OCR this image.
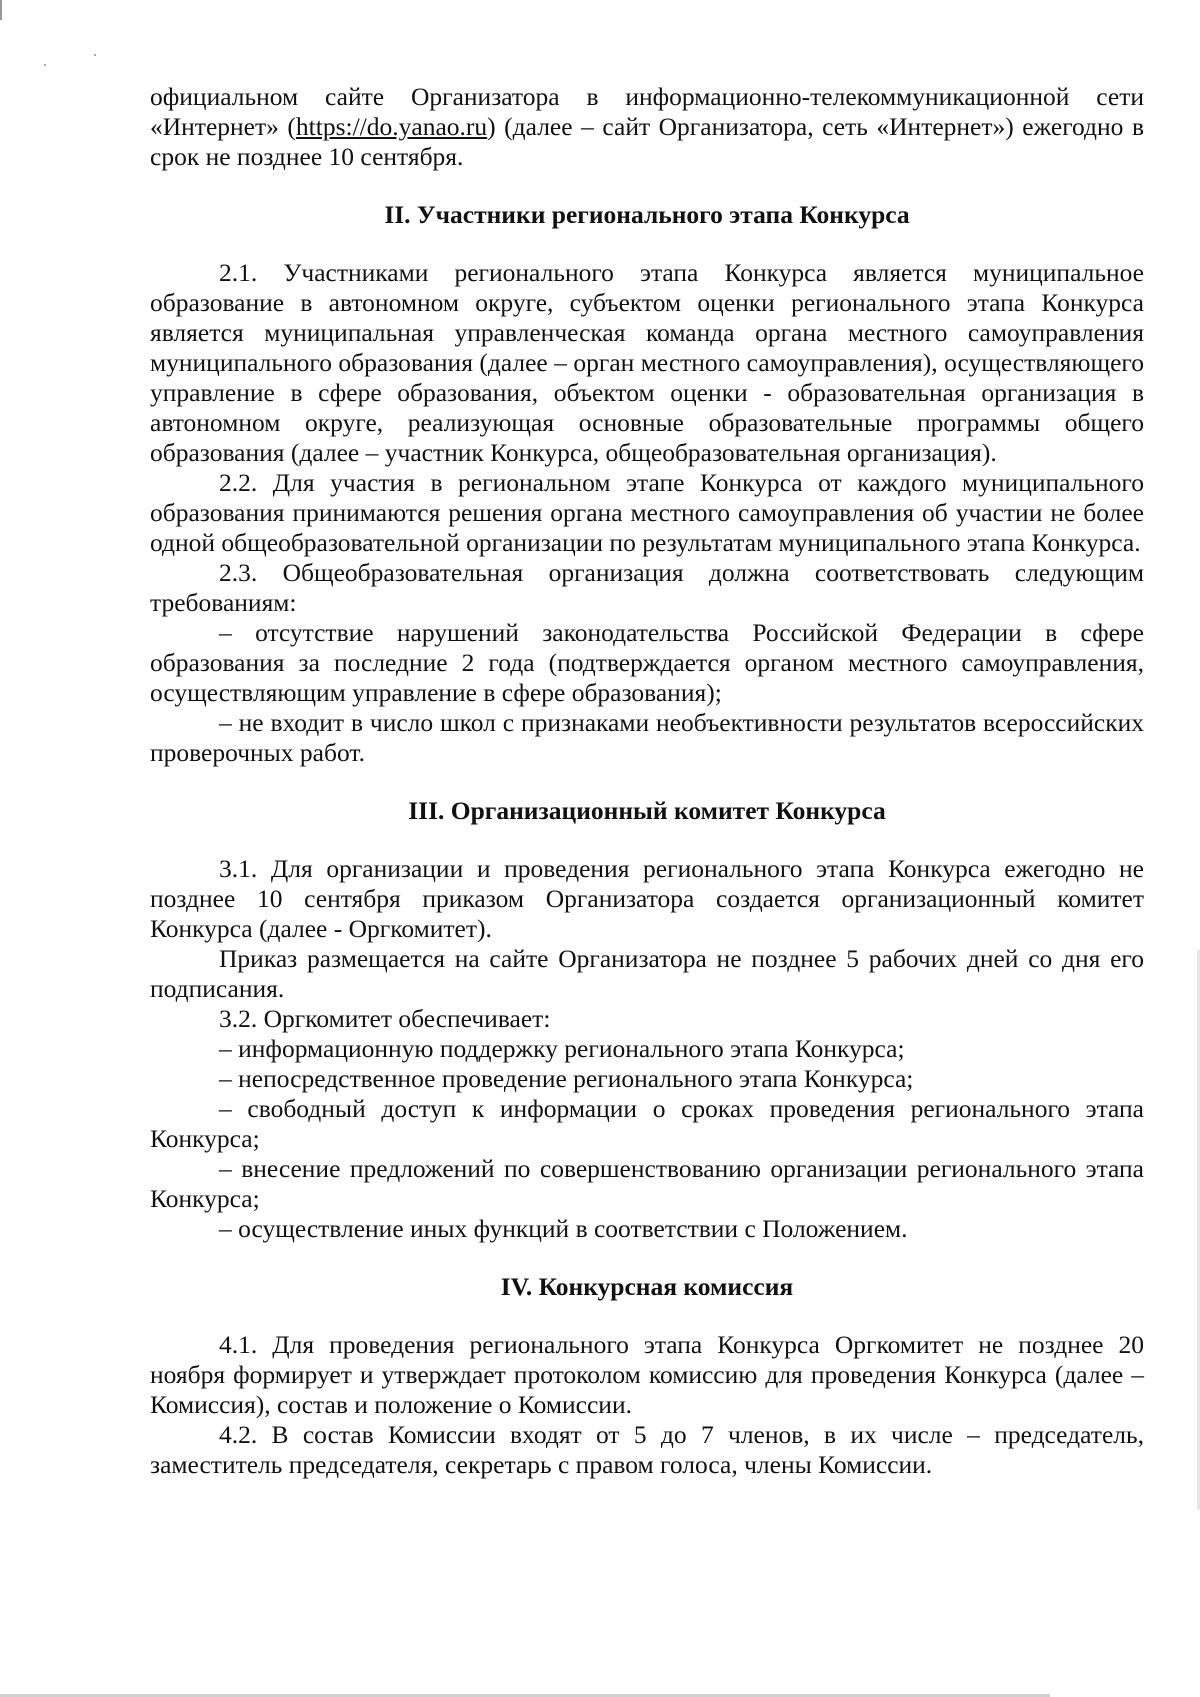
официальном сайте Организатора в информационно-телекоммуникационной сети «Интернет» (https://do.yanao.ru) (далее – сайт Организатора, сеть «Интернет») ежегодно в срок не позднее 10 сентября.

II. Участники регионального этапа Конкурса

2.1. Участниками регионального этапа Конкурса является муниципальное образование в автономном округе, субъектом оценки регионального этапа Конкурса является муниципальная управленческая команда органа местного самоуправления муниципального образования (далее – орган местного самоуправления), осуществляющего управление в сфере образования, объектом оценки - образовательная организация в автономном округе, реализующая основные образовательные программы общего образования (далее – участник Конкурса, общеобразовательная организация).

2.2. Для участия в региональном этапе Конкурса от каждого муниципального образования принимаются решения органа местного самоуправления об участии не более одной общеобразовательной организации по результатам муниципального этапа Конкурса.

2.3. Общеобразовательная организация должна соответствовать следующим требованиям:

– отсутствие нарушений законодательства Российской Федерации в сфере образования за последние 2 года (подтверждается органом местного самоуправления, осуществляющим управление в сфере образования);

– не входит в число школ с признаками необъективности результатов всероссийских проверочных работ.

III. Организационный комитет Конкурса

3.1. Для организации и проведения регионального этапа Конкурса ежегодно не позднее 10 сентября приказом Организатора создается организационный комитет Конкурса (далее - Оргкомитет).

Приказ размещается на сайте Организатора не позднее 5 рабочих дней со дня его подписания.

3.2. Оргкомитет обеспечивает:

– информационную поддержку регионального этапа Конкурса;

– непосредственное проведение регионального этапа Конкурса;

– свободный доступ к информации о сроках проведения регионального этапа Конкурса;

– внесение предложений по совершенствованию организации регионального этапа Конкурса;

– осуществление иных функций в соответствии с Положением.

IV. Конкурсная комиссия

4.1. Для проведения регионального этапа Конкурса Оргкомитет не позднее 20 ноября формирует и утверждает протоколом комиссию для проведения Конкурса (далее – Комиссия), состав и положение о Комиссии.

4.2. В состав Комиссии входят от 5 до 7 членов, в их числе – председатель, заместитель председателя, секретарь с правом голоса, члены Комиссии.
